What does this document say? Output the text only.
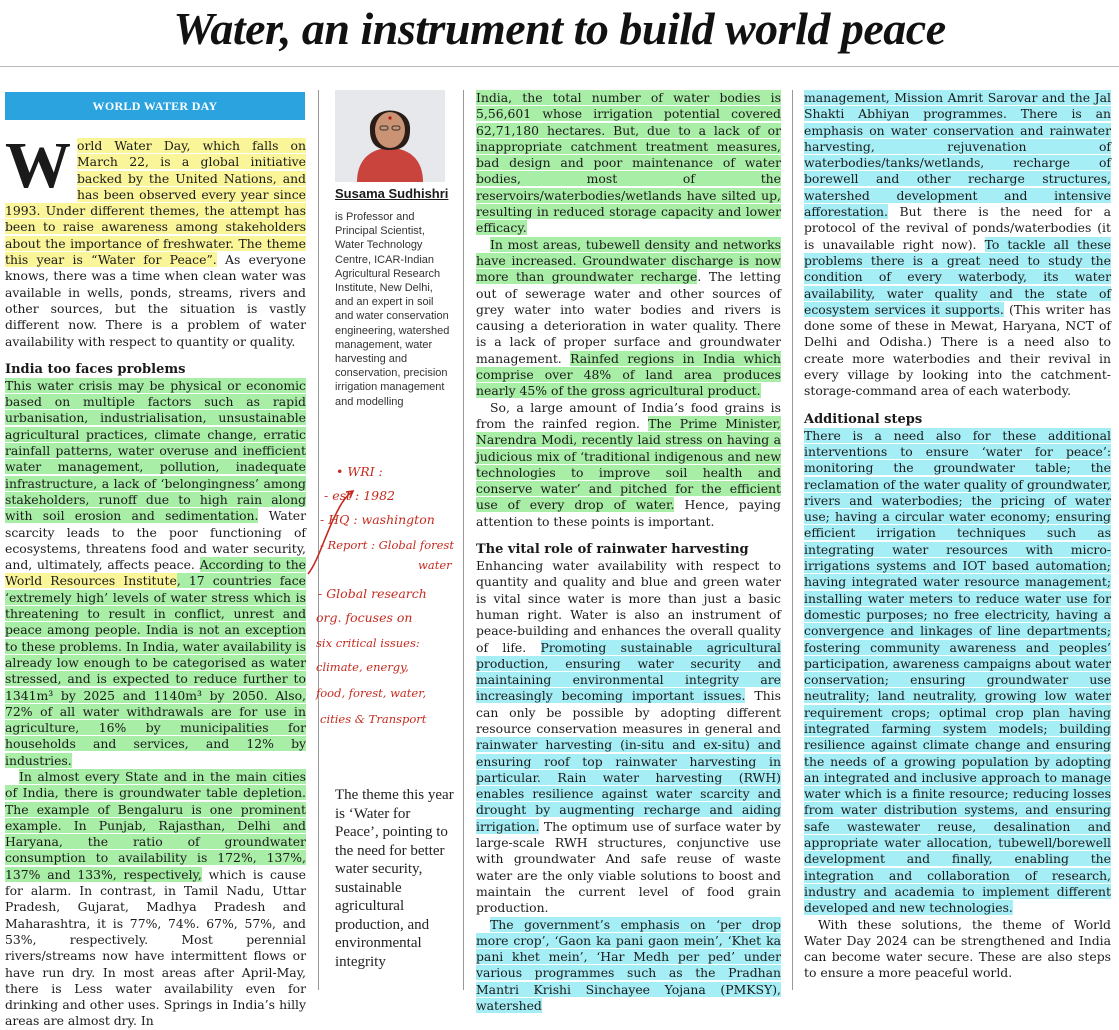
Water, an instrument to build world peace
WORLD WATER DAY

W orld Water Day, which falls on March 22, is a global initiative backed by the United Nations, and has been observed every year since 1993. Under different themes, the attempt has been to raise awareness among stakeholders about the importance of freshwater. The theme this year is “Water for Peace”. As everyone knows, there was a time when clean water was available in wells, ponds, streams, rivers and other sources, but the situation is vastly different now. There is a problem of water availability with respect to quantity or quality.

India too faces problems

This water crisis may be physical or economic based on multiple factors such as rapid urbanisation, industrialisation, unsustainable agricultural practices, climate change, erratic rainfall patterns, water overuse and inefficient water management, pollution, inadequate infrastructure, a lack of ‘belongingness’ among stakeholders, runoff due to high rain along with soil erosion and sedimentation. Water scarcity leads to the poor functioning of ecosystems, threatens food and water security, and, ultimately, affects peace. According to the World Resources Institute, 17 countries face ‘extremely high’ levels of water stress which is threatening to result in conflict, unrest and peace among people. India is not an exception to these problems. In India, water availability is already low enough to be categorised as water stressed, and is expected to reduce further to 1341m³ by 2025 and 1140m³ by 2050. Also, 72% of all water withdrawals are for use in agriculture, 16% by municipalities for households and services, and 12% by industries.

In almost every State and in the main cities of India, there is groundwater table depletion. The example of Bengaluru is one prominent example. In Punjab, Rajasthan, Delhi and Haryana, the ratio of groundwater consumption to availability is 172%, 137%, 137% and 133%, respectively, which is cause for alarm. In contrast, in Tamil Nadu, Uttar Pradesh, Gujarat, Madhya Pradesh and Maharashtra, it is 77%, 74%. 67%, 57%, and 53%, respectively. Most perennial rivers/streams now have intermittent flows or have run dry. In most areas after April-May, there is Less water availability even for drinking and other uses. Springs in India’s hilly areas are almost dry. In

Susama Sudhishri
is Professor and Principal Scientist, Water Technology Centre, ICAR-Indian Agricultural Research Institute, New Delhi, and an expert in soil and water conservation engineering, watershed management, water harvesting and conservation, precision irrigation management and modelling
• WRI :
- est : 1982
- HQ : washington
- Report : Global forest
water
- Global research
org. focuses on
six critical issues:
climate, energy,
food, forest, water,
cities & Transport
The theme this year is ‘Water for Peace’, pointing to the need for better water security, sustainable agricultural production, and environmental integrity

India, the total number of water bodies is 5,56,601 whose irrigation potential covered 62,71,180 hectares. But, due to a lack of or inappropriate catchment treatment measures, bad design and poor maintenance of water bodies, most of the reservoirs/waterbodies/wetlands have silted up, resulting in reduced storage capacity and lower efficacy.

In most areas, tubewell density and networks have increased. Groundwater discharge is now more than groundwater recharge. The letting out of sewerage water and other sources of grey water into water bodies and rivers is causing a deterioration in water quality. There is a lack of proper surface and groundwater management. Rainfed regions in India which comprise over 48% of land area produces nearly 45% of the gross agricultural product.

So, a large amount of India’s food grains is from the rainfed region. The Prime Minister, Narendra Modi, recently laid stress on having a judicious mix of ‘traditional indigenous and new technologies to improve soil health and conserve water’ and pitched for the efficient use of every drop of water. Hence, paying attention to these points is important.

The vital role of rainwater harvesting

Enhancing water availability with respect to quantity and quality and blue and green water is vital since water is more than just a basic human right. Water is also an instrument of peace-building and enhances the overall quality of life. Promoting sustainable agricultural production, ensuring water security and maintaining environmental integrity are increasingly becoming important issues. This can only be possible by adopting different resource conservation measures in general and rainwater harvesting (in-situ and ex-situ) and ensuring roof top rainwater harvesting in particular. Rain water harvesting (RWH) enables resilience against water scarcity and drought by augmenting recharge and aiding irrigation. The optimum use of surface water by large-scale RWH structures, conjunctive use with groundwater And safe reuse of waste water are the only viable solutions to boost and maintain the current level of food grain production.

The government’s emphasis on ‘per drop more crop’, ‘Gaon ka pani gaon mein’, ‘Khet ka pani khet mein’, ‘Har Medh per ped’ under various programmes such as the Pradhan Mantri Krishi Sinchayee Yojana (PMKSY), watershed

management, Mission Amrit Sarovar and the Jal Shakti Abhiyan programmes. There is an emphasis on water conservation and rainwater harvesting, rejuvenation of waterbodies/tanks/wetlands, recharge of borewell and other recharge structures, watershed development and intensive afforestation. But there is the need for a protocol of the revival of ponds/waterbodies (it is unavailable right now). To tackle all these problems there is a great need to study the condition of every waterbody, its water availability, water quality and the state of ecosystem services it supports. (This writer has done some of these in Mewat, Haryana, NCT of Delhi and Odisha.) There is a need also to create more waterbodies and their revival in every village by looking into the catchment-storage-command area of each waterbody.

Additional steps

There is a need also for these additional interventions to ensure ‘water for peace’: monitoring the groundwater table; the reclamation of the water quality of groundwater, rivers and waterbodies; the pricing of water use; having a circular water economy; ensuring efficient irrigation techniques such as integrating water resources with micro-irrigations systems and IOT based automation; having integrated water resource management; installing water meters to reduce water use for domestic purposes; no free electricity, having a convergence and linkages of line departments; fostering community awareness and peoples’ participation, awareness campaigns about water conservation; ensuring groundwater use neutrality; land neutrality, growing low water requirement crops; optimal crop plan having integrated farming system models; building resilience against climate change and ensuring the needs of a growing population by adopting an integrated and inclusive approach to manage water which is a finite resource; reducing losses from water distribution systems, and ensuring safe wastewater reuse, desalination and appropriate water allocation, tubewell/borewell development and finally, enabling the integration and collaboration of research, industry and academia to implement different developed and new technologies.

With these solutions, the theme of World Water Day 2024 can be strengthened and India can become water secure. These are also steps to ensure a more peaceful world.
